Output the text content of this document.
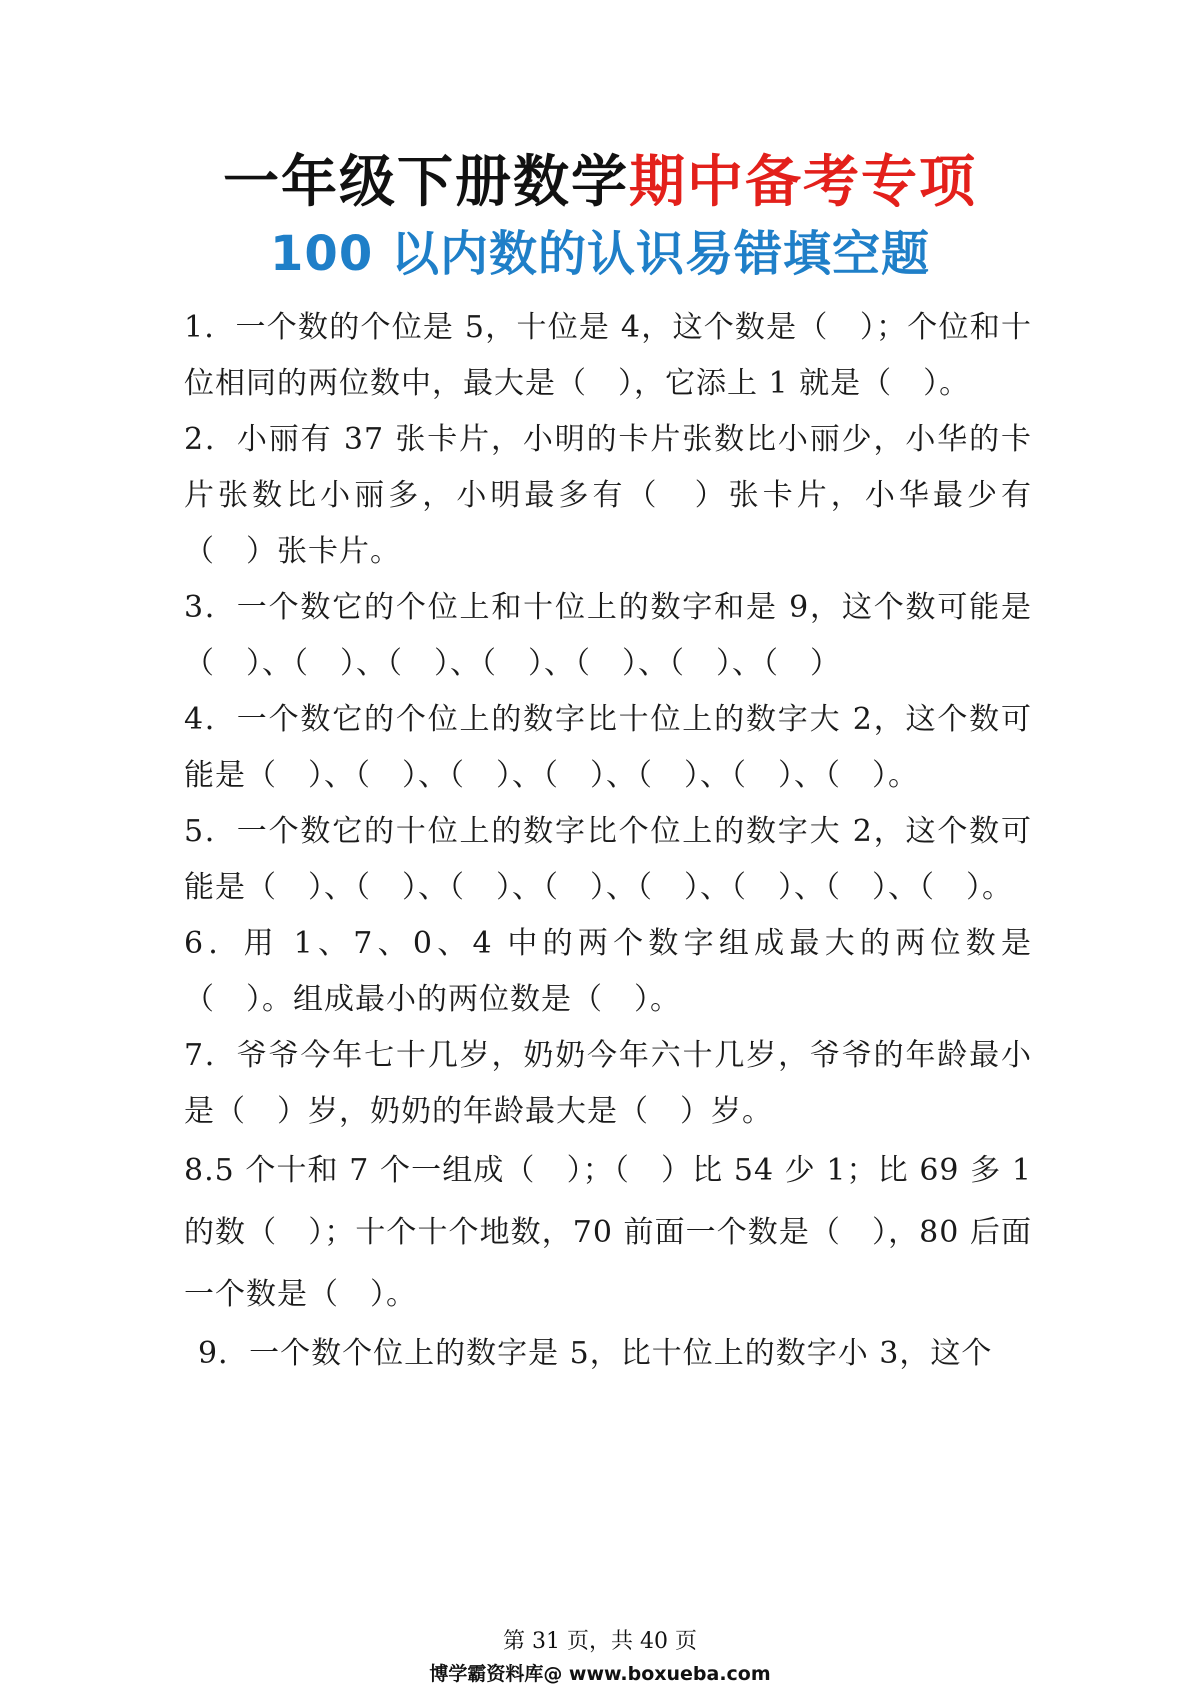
一年级下册数学期中备考专项
100 以内数的认识易错填空题

1．一个数的个位是 5，十位是 4，这个数是（　）；个位和十位相同的两位数中，最大是（　），它添上 1 就是（　）。

2．小丽有 37 张卡片，小明的卡片张数比小丽少，小华的卡片张数比小丽多，小明最多有（　）张卡片，小华最少有（　）张卡片。

3．一个数它的个位上和十位上的数字和是 9，这个数可能是（　）、（　）、（　）、（　）、（　）、（　）、（　）

4．一个数它的个位上的数字比十位上的数字大 2，这个数可能是（　）、（　）、（　）、（　）、（　）、（　）、（　）。

5．一个数它的十位上的数字比个位上的数字大 2，这个数可能是（　）、（　）、（　）、（　）、（　）、（　）、（　）、（　）。

6．用 1、7、0、4 中的两个数字组成最大的两位数是（　）。组成最小的两位数是（　）。

7．爷爷今年七十几岁，奶奶今年六十几岁，爷爷的年龄最小是（　）岁，奶奶的年龄最大是（　）岁。

8.5 个十和 7 个一组成（　）；（　）比 54 少 1；比 69 多 1 的数（　）；十个十个地数，70 前面一个数是（　），80 后面一个数是（　）。

9．一个数个位上的数字是 5，比十位上的数字小 3，这个

第 31 页，共 40 页
博学霸资料库@ www.boxueba.com
